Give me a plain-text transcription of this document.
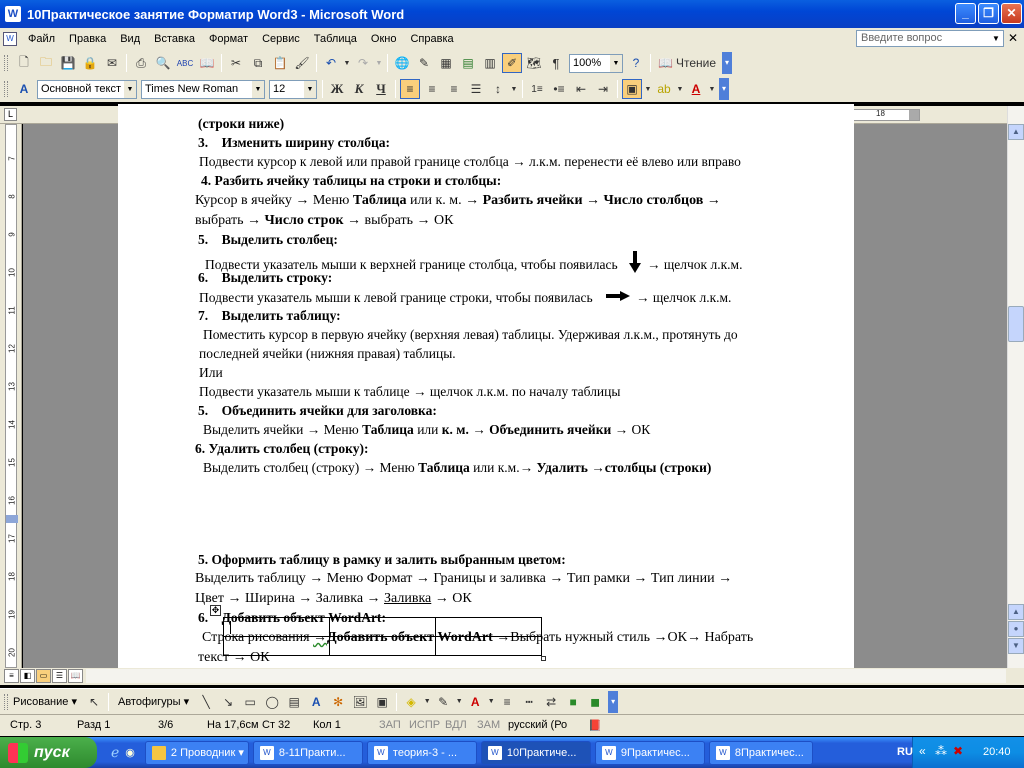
W 10Практическое занятие Форматир Word3 - Microsoft Word	_	❐	✕
W	Файл	Правка	Вид	Вставка	Формат	Сервис	Таблица	Окно	Справка	Введите вопрос	▼ ✕
🗋 🗀 💾 🔒 ✉	⎙ 🔍 ABC 📖	✂	⧉ 📋 🖌	↶	▼ ↷	▼ 🌐 ✎ ▦ ▤ ▥ ✐ 🗺 ¶	100%	▼	?	📖 Чтение	▾
A	Основной текст ▼	Times New Roman	▼	12	▼ Ж К Ч	≡	≡	≡	☰	↕	▼	1≡ •≡ ⇤ ⇥	▣ ▼ ab ▼ A	▼ ▾
L	18
7
8
9
10
11
12
13
14
15
16
17
18
19
20
(строки ниже)
3. Изменить ширину столбца:
Подвести курсор к левой или правой границе столбца → л.к.м. перенести её влево или вправо
4. Разбить ячейку таблицы на строки и столбцы:
Курсор в ячейку → Меню Таблица или к. м. → Разбить ячейки → Число столбцов →
выбрать → Число строк → выбрать → ОК
5. Выделить столбец:
Подвести указатель мыши к верхней границе столбца, чтобы появилась → щелчок л.к.м.
6. Выделить строку:
Подвести указатель мыши к левой границе строки, чтобы появилась	→ щелчок л.к.м.
7. Выделить таблицу:
Поместить курсор в первую ячейку (верхняя левая) таблицы. Удерживая л.к.м., протянуть до
последней ячейки (нижняя правая) таблицы.
Или
Подвести указатель мыши к таблице → щелчок л.к.м. по началу таблицы
5. Объединить ячейки для заголовка:
Выделить ячейки → Меню Таблица или к. м. → Объединить ячейки → ОК
6. Удалить столбец (строку):
Выделить столбец (строку) → Меню Таблица или к.м.→ Удалить →столбцы (строки)
✥

5. Оформить таблицу в рамку и залить выбранным цветом:
Выделить таблицу → Меню Формат → Границы и заливка → Тип рамки → Тип линии →
Цвет → Ширина → Заливка → Заливка → ОК
6. Добавить объект WordArt:
Строка рисования →Добавить объект WordArt →Выбрать нужный стиль →ОК→ Набрать
текст → ОК
▲
▲
●
▼
≡	◧	▭	☰ 📖
Рисование ▾ ↖	Автофигуры ▾	╲	↘ ▭ ◯ ▤ A	✻ 🖼 ▣	◈	▼ ✎	▼ A	▼ ≡	┅	⇄	■	◼	▾
Стр. 3	Разд 1	3/6	На 17,6см Ст 32 Кол 1	ЗАП ИСПР ВДЛ ЗАМ русский (Ро 📕
пуск	ℯ ◉	2 Проводник ▾	W 8-11Практи...	W теория-3 - ...	W 10Практиче...	W 9Практичес...	W 8Практичес...	RU « ⁂ ✖ 20:40
